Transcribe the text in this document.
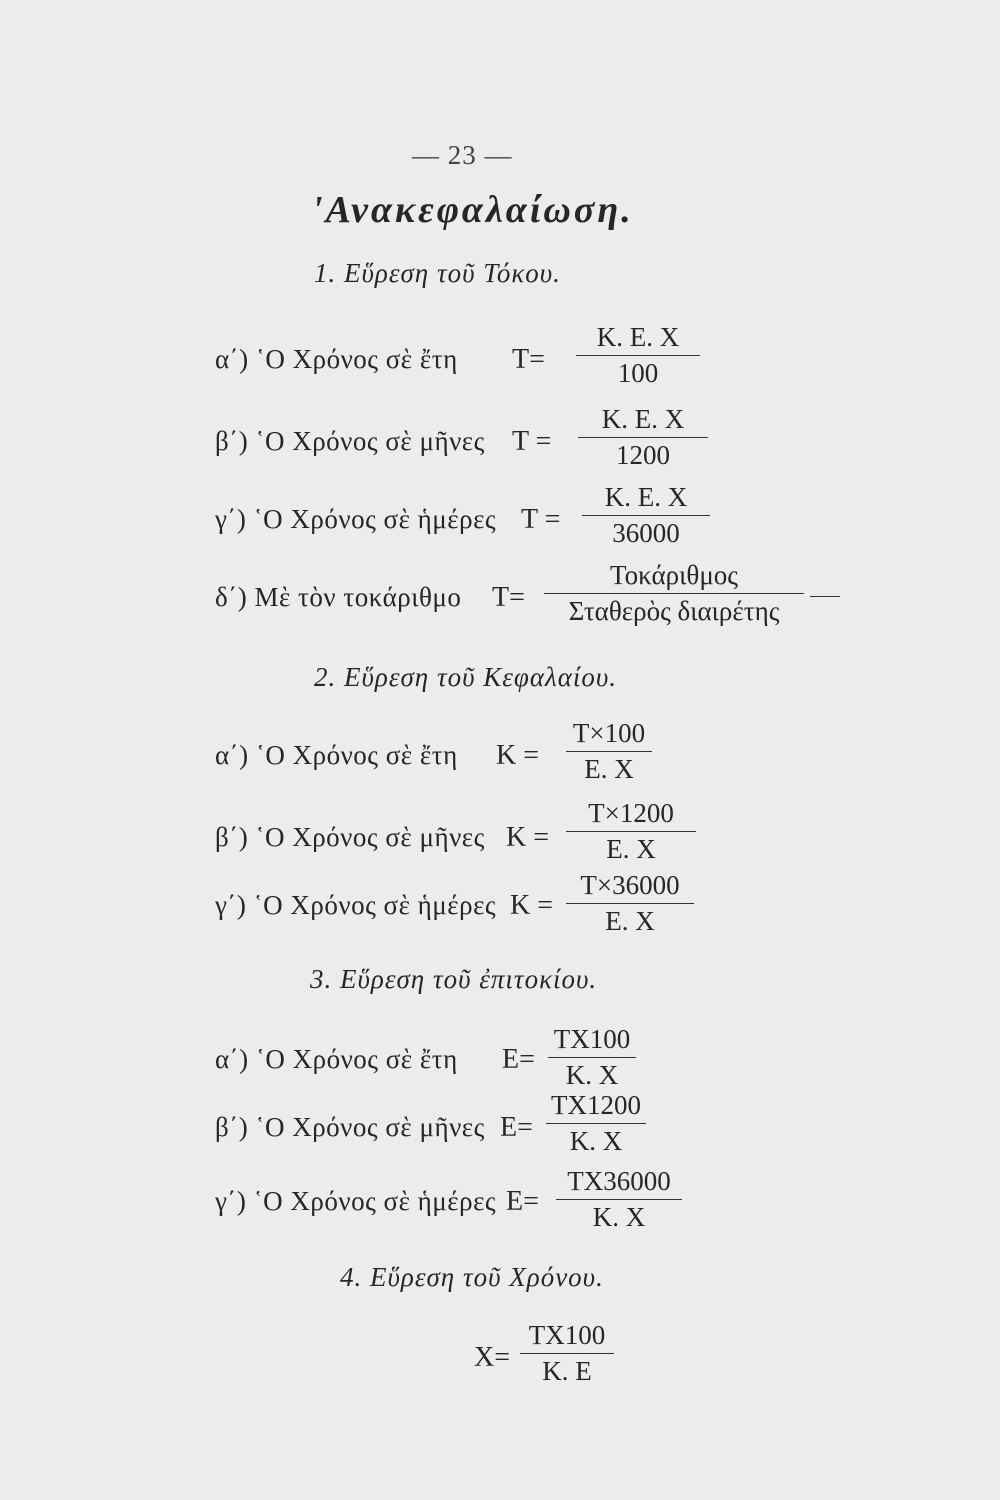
— 23 —
'Ανακεφαλαίωση.
1. Εὕρεση τοῦ Τόκου.
α΄) ῾Ο Χρόνος σὲ ἔτη $T= \frac{K. E. X}{100}$
β΄) ῾Ο Χρόνος σὲ μῆνες $T = \frac{K. E. X}{1200}$
γ΄) ῾Ο Χρόνος σὲ ἡμέρες $T = \frac{K. E. X}{36000}$
δ΄) Μὲ τὸν τοκάριθμο Τ=
Τοκάριθμος
Σταθερὸς διαιρέτης
2. Εὕρεση τοῦ Κεφαλαίου.
α΄) ῾Ο Χρόνος σὲ ἔτη $K = \frac{T\times 100}{E. X}$
β΄) ῾Ο Χρόνος σὲ μῆνες $K = \frac{T\times 1200}{E. X}$
γ΄) ῾Ο Χρόνος σὲ ἡμέρες $K = \frac{T\times 36000}{E. X}$
3. Εὕρεση τοῦ ἐπιτοκίου.
α΄) ῾Ο Χρόνος σὲ ἔτη $E= \frac{TX100}{K. X}$
β΄) ῾Ο Χρόνος σὲ μῆνες $E= \frac{TX1200}{K. X}$
γ΄) ῾Ο Χρόνος σὲ ἡμέρες $E= \frac{TX36000}{K. X}$
4. Εὕρεση τοῦ Χρόνου.
$X= \frac{TX100}{K. E}$
